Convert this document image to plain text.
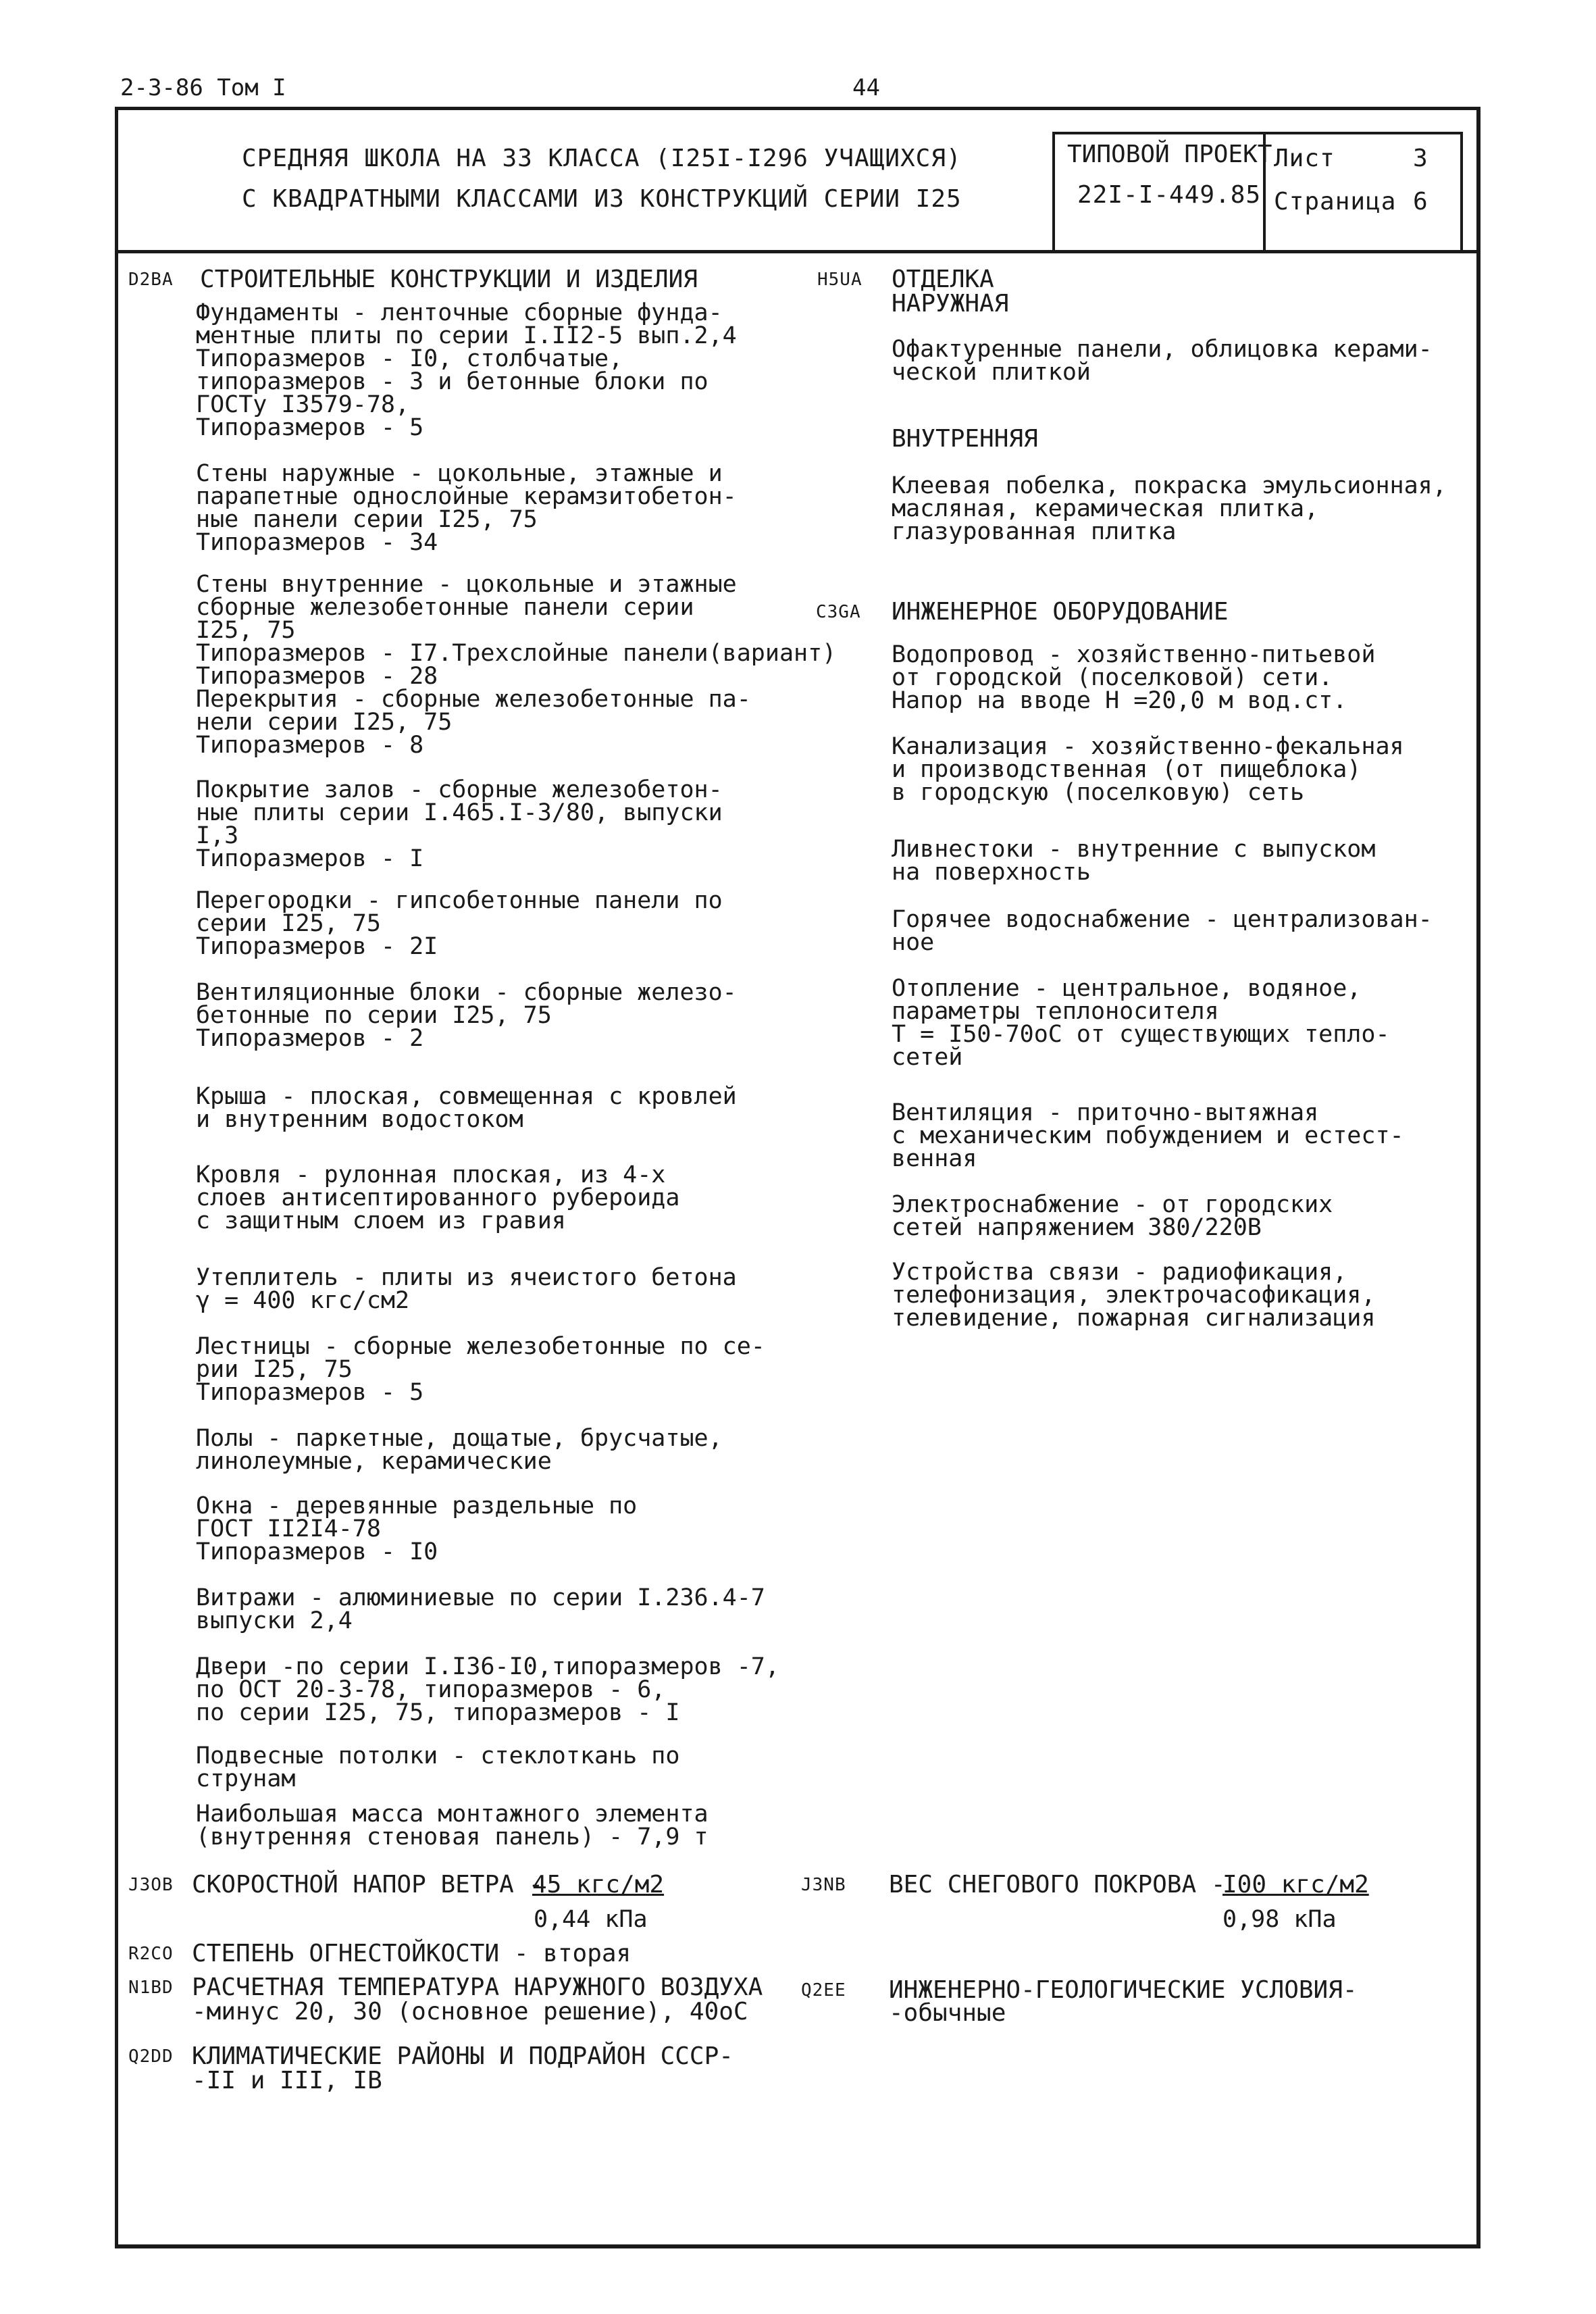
2-3-86 Том I	44
СРЕДНЯЯ ШКОЛА НА 33 КЛАССА (I25I-I296 УЧАЩИХСЯ)
С КВАДРАТНЫМИ КЛАССАМИ ИЗ КОНСТРУКЦИЙ СЕРИИ I25
ТИПОВОЙ ПРОЕКТ
22I-I-449.85
Лист	3
Страница 6
D2BA СТРОИТЕЛЬНЫЕ КОНСТРУКЦИИ И ИЗДЕЛИЯ
Фундаменты - ленточные сборные фунда-
ментные плиты по серии I.II2-5 вып.2,4
Типоразмеров - I0, столбчатые,
типоразмеров - 3 и бетонные блоки по
ГОСТу I3579-78,
Типоразмеров - 5
Стены наружные - цокольные, этажные и
парапетные однослойные керамзитобетон-
ные панели серии I25, 75
Типоразмеров - 34
Стены внутренние - цокольные и этажные
сборные железобетонные панели серии
I25, 75
Типоразмеров - I7.Трехслойные панели(вариант)
Типоразмеров - 28
Перекрытия - сборные железобетонные па-
нели серии I25, 75
Типоразмеров - 8
Покрытие залов - сборные железобетон-
ные плиты серии I.465.I-3/80, выпуски
I,3
Типоразмеров - I
Перегородки - гипсобетонные панели по
серии I25, 75
Типоразмеров - 2I
Вентиляционные блоки - сборные железо-
бетонные по серии I25, 75
Типоразмеров - 2
Крыша - плоская, совмещенная с кровлей
и внутренним водостоком
Кровля - рулонная плоская, из 4-х
слоев антисептированного рубероида
с защитным слоем из гравия
Утеплитель - плиты из ячеистого бетона
γ = 400 кгс/см2
Лестницы - сборные железобетонные по се-
рии I25, 75
Типоразмеров - 5
Полы - паркетные, дощатые, брусчатые,
линолеумные, керамические
Окна - деревянные раздельные по
ГОСТ II2I4-78
Типоразмеров - I0
Витражи - алюминиевые по серии I.236.4-7
выпуски 2,4
Двери -по серии I.I36-I0,типоразмеров -7,
по ОСТ 20-3-78, типоразмеров - 6,
по серии I25, 75, типоразмеров - I
Подвесные потолки - стеклоткань по
струнам
Наибольшая масса монтажного элемента
(внутренняя стеновая панель) - 7,9 т
H5UA ОТДЕЛКА
НАРУЖНАЯ
Офактуренные панели, облицовка керами-
ческой плиткой
ВНУТРЕННЯЯ
Клеевая побелка, покраска эмульсионная,
масляная, керамическая плитка,
глазурованная плитка
C3GA ИНЖЕНЕРНОЕ ОБОРУДОВАНИЕ
Водопровод - хозяйственно-питьевой
от городской (поселковой) сети.
Напор на вводе Н =20,0 м вод.ст.
Канализация - хозяйственно-фекальная
и производственная (от пищеблока)
в городскую (поселковую) сеть
Ливнестоки - внутренние с выпуском
на поверхность
Горячее водоснабжение - централизован-
ное
Отопление - центральное, водяное,
параметры теплоносителя
Т = I50-70оС от существующих тепло-
сетей
Вентиляция - приточно-вытяжная
с механическим побуждением и естест-
венная
Электроснабжение - от городских
сетей напряжением 380/220В
Устройства связи - радиофикация,
телефонизация, электрочасофикация,
телевидение, пожарная сигнализация
J3OB СКОРОСТНОЙ НАПОР ВЕТРА -
45 кгс/м2
0,44 кПа
J3NB ВЕС СНЕГОВОГО ПОКРОВА -
I00 кгс/м2
0,98 кПа
R2CO СТЕПЕНЬ ОГНЕСТОЙКОСТИ - вторая
N1BD РАСЧЕТНАЯ ТЕМПЕРАТУРА НАРУЖНОГО ВОЗДУХА
-минус 20, 30 (основное решение), 40оС
Q2EE ИНЖЕНЕРНО-ГЕОЛОГИЧЕСКИЕ УСЛОВИЯ-
-обычные
Q2DD КЛИМАТИЧЕСКИЕ РАЙОНЫ И ПОДРАЙОН СССР-
-II и III, IВ
